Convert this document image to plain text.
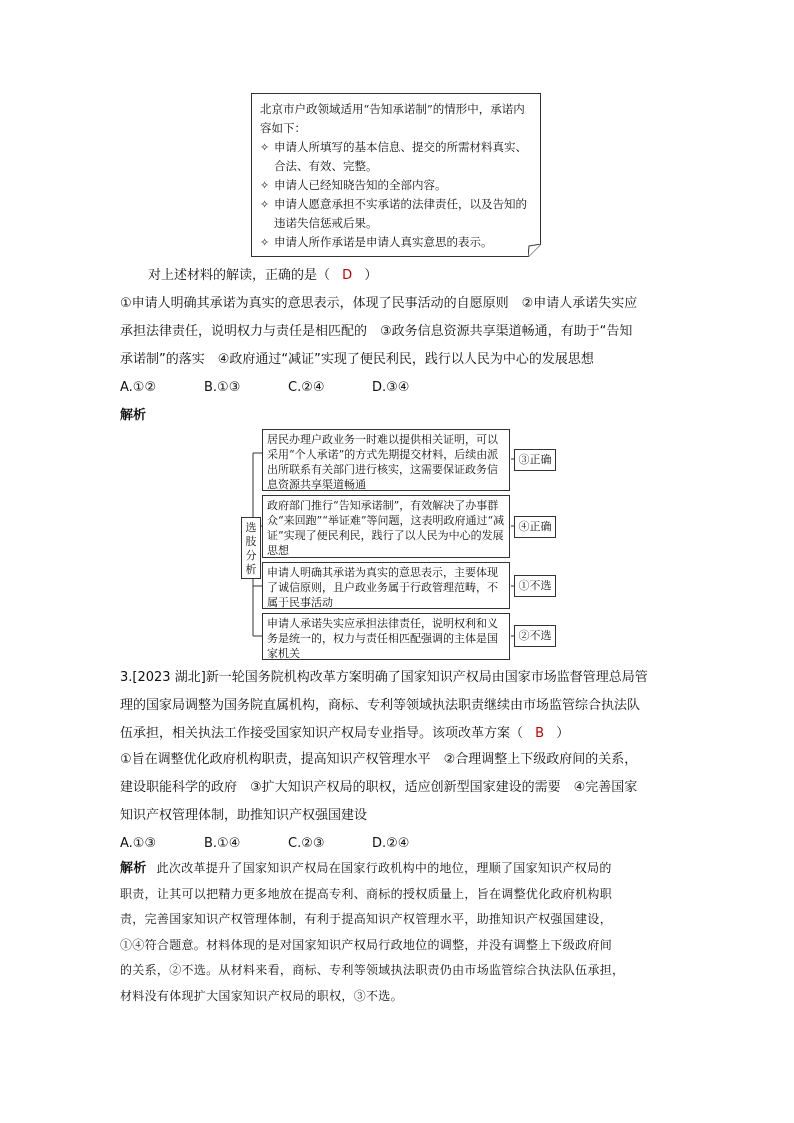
北京市户政领域适用“告知承诺制”的情形中，承诺内容如下：

✧ 申请人所填写的基本信息、提交的所需材料真实、合法、有效、完整。
✧ 申请人已经知晓告知的全部内容。
✧ 申请人愿意承担不实承诺的法律责任，以及告知的违诺失信惩戒后果。
✧ 申请人所作承诺是申请人真实意思的表示。
对上述材料的解读，正确的是（ D ）
①申请人明确其承诺为真实的意思表示，体现了民事活动的自愿原则　②申请人承诺失实应
承担法律责任，说明权力与责任是相匹配的　③政务信息资源共享渠道畅通，有助于“告知
承诺制”的落实　④政府通过“减证”实现了便民利民，践行以人民为中心的发展思想
A.①②	B.①③	C.②④	D.③④
解析
选
肢
分
析
居民办理户政业务一时难以提供相关证明，可以采用“个人承诺”的方式先期提交材料，后续由派出所联系有关部门进行核实，这需要保证政务信息资源共享渠道畅通
③正确
政府部门推行“告知承诺制”，有效解决了办事群众“来回跑”“举证难”等问题，这表明政府通过“减证”实现了便民利民，践行了以人民为中心的发展思想
④正确
申请人明确其承诺为真实的意思表示，主要体现了诚信原则，且户政业务属于行政管理范畴，不属于民事活动
①不选
申请人承诺失实应承担法律责任，说明权利和义务是统一的，权力与责任相匹配强调的主体是国家机关
②不选
3.[2023 湖北]新一轮国务院机构改革方案明确了国家知识产权局由国家市场监督管理总局管
理的国家局调整为国务院直属机构，商标、专利等领域执法职责继续由市场监管综合执法队
伍承担，相关执法工作接受国家知识产权局专业指导。该项改革方案（ B ）
①旨在调整优化政府机构职责，提高知识产权管理水平　②合理调整上下级政府间的关系，
建设职能科学的政府　③扩大知识产权局的职权，适应创新型国家建设的需要　④完善国家
知识产权管理体制，助推知识产权强国建设
A.①③	B.①④	C.②③	D.②④
解析 此次改革提升了国家知识产权局在国家行政机构中的地位，理顺了国家知识产权局的
职责，让其可以把精力更多地放在提高专利、商标的授权质量上，旨在调整优化政府机构职
责，完善国家知识产权管理体制，有利于提高知识产权管理水平，助推知识产权强国建设，
①④符合题意。材料体现的是对国家知识产权局行政地位的调整，并没有调整上下级政府间
的关系，②不选。从材料来看，商标、专利等领域执法职责仍由市场监管综合执法队伍承担，
材料没有体现扩大国家知识产权局的职权，③不选。
